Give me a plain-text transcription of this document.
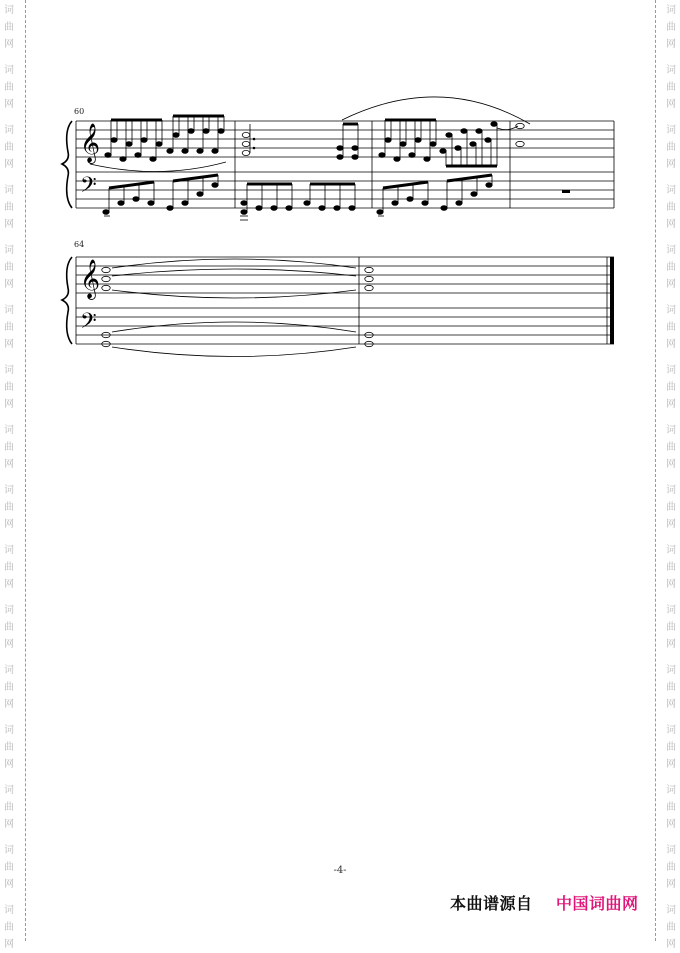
词
曲
网
词
曲
网
词
曲
网
词
曲
网
词
曲
网
词
曲
网
词
曲
网
词
曲
网
词
曲
网
词
曲
网
词
曲
网
词
曲
网
词
曲
网
词
曲
网
词
曲
网
词
曲
网
词
曲
网
词
曲
网
词
曲
网
词
曲
网
词
曲
网
词
曲
网
词
曲
网
词
曲
网
词
曲
网
词
曲
网
词
曲
网
词
曲
网
词
曲
网
词
曲
网
词
曲
网
词
曲
网
𝄞
𝄢
𝄞
𝄢
60
64
-4-
本曲谱源自 中国词曲网
